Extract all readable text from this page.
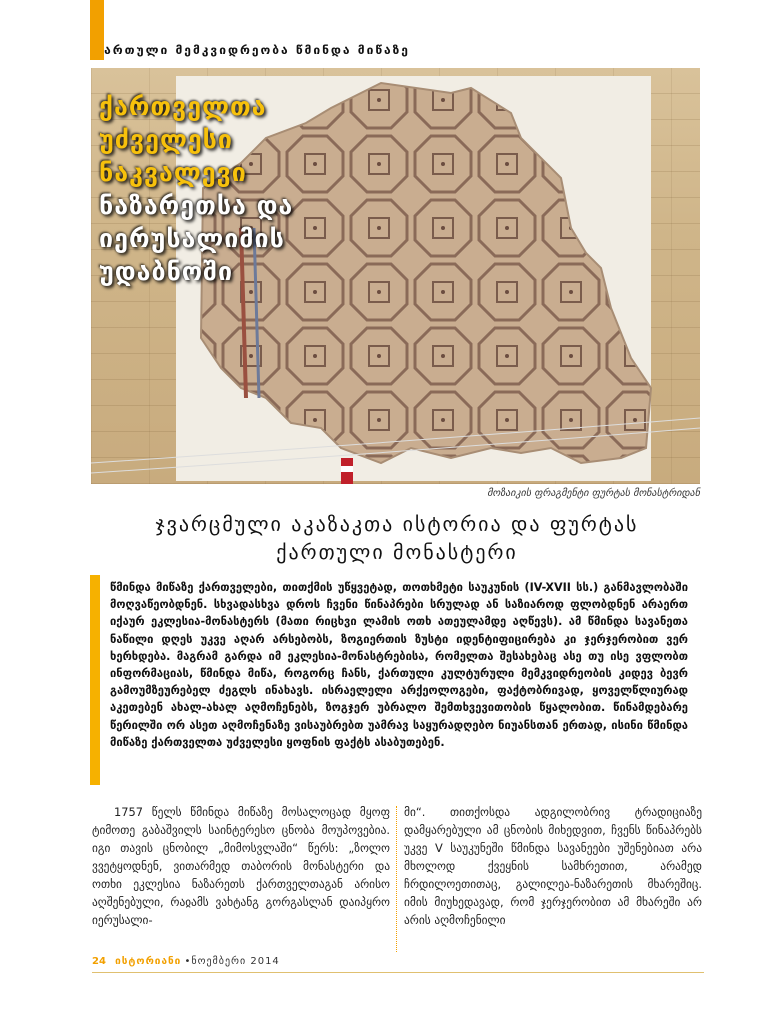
ქართული მემკვიდრეობა წმინდა მიწაზე
ქართველთა
უძველესი
ნაკვალევი
ნაზარეთსა და
იერუსალიმის
უდაბნოში
მოზაიკის ფრაგმენტი ფურტას მონასტრიდან
ჯვარცმული აკაზაკთა ისტორია და ფურტას
ქართული მონასტერი

წმინდა მიწაზე ქართველები, თითქმის უწყვეტად, თოთხმეტი საუკუნის (IV-XVII სს.) განმავლობაში მოღვაწეობდნენ. სხვადასხვა დროს ჩვენი წინაპრები სრულად ან საზიაროდ ფლობდნენ არაერთ იქაურ ეკლესია-მონასტერს (მათი რიცხვი ლამის ოთხ ათეულამდე აღწევს). ამ წმინდა სავანეთა ნაწილი დღეს უკვე აღარ არსებობს, ზოგიერთის ზუსტი იდენტიფიცირება კი ჯერჯერობით ვერ ხერხდება. მაგრამ გარდა იმ ეკლესია-მონასტრებისა, რომელთა შესახებაც ასე თუ ისე ვფლობთ ინფორმაციას, წმინდა მიწა, როგორც ჩანს, ქართული კულტურული მემკვიდრეობის კიდევ ბევრ გამოუმზეურებელ ძეგლს ინახავს. ისრაელელი არქეოლოგები, ფაქტობრივად, ყოველწლიურად აკეთებენ ახალ-ახალ აღმოჩენებს, ზოგჯერ უბრალო შემთხვევითობის წყალობით. წინამდებარე წერილში ორ ასეთ აღმოჩენაზე ვისაუბრებთ უამრავ საყურადღებო ნიუანსთან ერთად, ისინი წმინდა მიწაზე ქართველთა უძველესი ყოფნის ფაქტს ასაბუთებენ.

1757 წელს წმინდა მიწაზე მოსალოცად მყოფ ტიმოთე გაბაშვილს საინტერესო ცნობა მოუპოვებია. იგი თავის ცნობილ „მიმოსვლაში“ წერს: „ზოლო ვვეტყოდნენ, ვითარმედ თაბორის მონასტერი და ოთხი ეკლესია ნაზარეთს ქართველთაგან არისო აღშენებული, რაჲამს ვახტანგ გორგასლან დაიპყრო იერუსალი-
მი“. თითქოსდა ადგილობრივ ტრადიციაზე დამყარებული ამ ცნობის მიხედვით, ჩვენს წინაპრებს უკვე V საუკუნეში წმინდა სავანეები უშენებიათ არა მხოლოდ ქვეყნის სამხრეთით, არამედ ჩრდილოეთითაც, გალილეა-ნაზარეთის მხარეშიც. იმის მიუხედავად, რომ ჯერჯერობით ამ მხარეში არ არის აღმოჩენილი
24 ისტორიანი •ნოემბერი 2014
